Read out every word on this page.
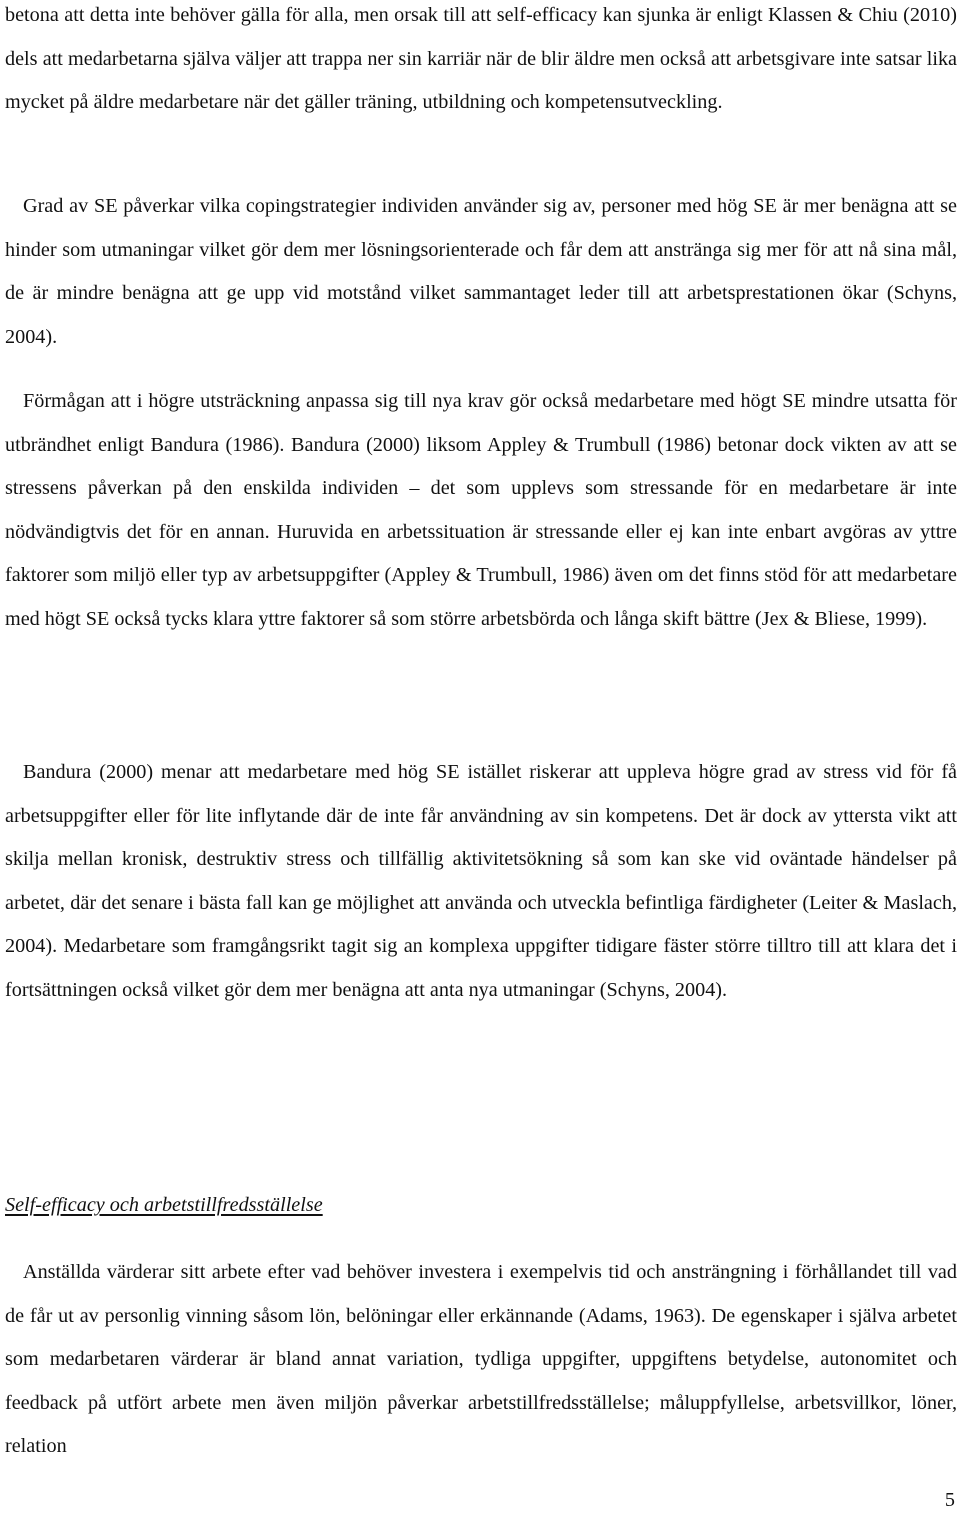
betona att detta inte behöver gälla för alla, men orsak till att self-efficacy kan sjunka är enligt Klassen & Chiu (2010) dels att medarbetarna själva väljer att trappa ner sin karriär när de blir äldre men också att arbetsgivare inte satsar lika mycket på äldre medarbetare när det gäller träning, utbildning och kompetensutveckling.

Grad av SE påverkar vilka copingstrategier individen använder sig av, personer med hög SE är mer benägna att se hinder som utmaningar vilket gör dem mer lösningsorienterade och får dem att anstränga sig mer för att nå sina mål, de är mindre benägna att ge upp vid motstånd vilket sammantaget leder till att arbetsprestationen ökar (Schyns, 2004).

Förmågan att i högre utsträckning anpassa sig till nya krav gör också medarbetare med högt SE mindre utsatta för utbrändhet enligt Bandura (1986). Bandura (2000) liksom Appley & Trumbull (1986) betonar dock vikten av att se stressens påverkan på den enskilda individen – det som upplevs som stressande för en medarbetare är inte nödvändigtvis det för en annan. Huruvida en arbetssituation är stressande eller ej kan inte enbart avgöras av yttre faktorer som miljö eller typ av arbetsuppgifter (Appley & Trumbull, 1986) även om det finns stöd för att medarbetare med högt SE också tycks klara yttre faktorer så som större arbetsbörda och långa skift bättre (Jex & Bliese, 1999).

Bandura (2000) menar att medarbetare med hög SE istället riskerar att uppleva högre grad av stress vid för få arbetsuppgifter eller för lite inflytande där de inte får användning av sin kompetens. Det är dock av yttersta vikt att skilja mellan kronisk, destruktiv stress och tillfällig aktivitetsökning så som kan ske vid oväntade händelser på arbetet, där det senare i bästa fall kan ge möjlighet att använda och utveckla befintliga färdigheter (Leiter & Maslach, 2004). Medarbetare som framgångsrikt tagit sig an komplexa uppgifter tidigare fäster större tilltro till att klara det i fortsättningen också vilket gör dem mer benägna att anta nya utmaningar (Schyns, 2004).

Self-efficacy och arbetstillfredsställelse

Anställda värderar sitt arbete efter vad behöver investera i exempelvis tid och ansträngning i förhållandet till vad de får ut av personlig vinning såsom lön, belöningar eller erkännande (Adams, 1963). De egenskaper i själva arbetet som medarbetaren värderar är bland annat variation, tydliga uppgifter, uppgiftens betydelse, autonomitet och feedback på utfört arbete men även miljön påverkar arbetstillfredsställelse; måluppfyllelse, arbetsvillkor, löner, relation

5
